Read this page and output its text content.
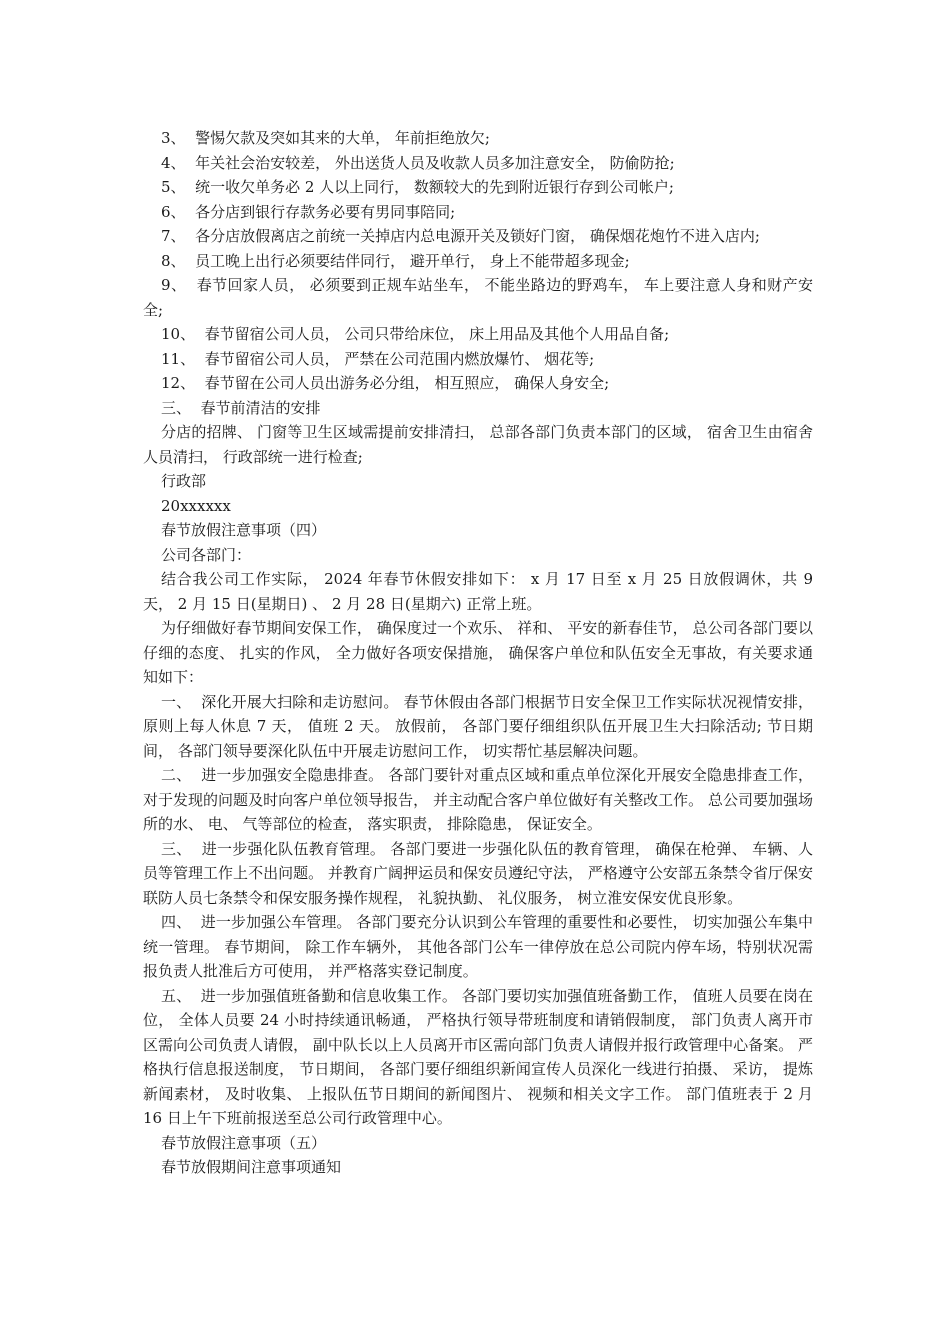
3、  警惕欠款及突如其来的大单， 年前拒绝放欠;

4、  年关社会治安较差， 外出送货人员及收款人员多加注意安全， 防偷防抢;

5、  统一收欠单务必 2 人以上同行， 数额较大的先到附近银行存到公司帐户;

6、  各分店到银行存款务必要有男同事陪同;

7、  各分店放假离店之前统一关掉店内总电源开关及锁好门窗， 确保烟花炮竹不进入店内;

8、  员工晚上出行必须要结伴同行， 避开单行， 身上不能带超多现金;

9、  春节回家人员， 必须要到正规车站坐车， 不能坐路边的野鸡车， 车上要注意人身和财产安全;

10、  春节留宿公司人员， 公司只带给床位， 床上用品及其他个人用品自备;

11、  春节留宿公司人员， 严禁在公司范围内燃放爆竹、 烟花等;

12、  春节留在公司人员出游务必分组， 相互照应， 确保人身安全;

三、  春节前清洁的安排

分店的招牌、 门窗等卫生区域需提前安排清扫， 总部各部门负责本部门的区域， 宿舍卫生由宿舍人员清扫， 行政部统一进行检查;

行政部

20xxxxxx

春节放假注意事项（四）

公司各部门：

结合我公司工作实际， 2024 年春节休假安排如下： x 月 17 日至 x 月 25 日放假调休，共 9 天， 2 月 15 日(星期日) 、 2 月 28 日(星期六) 正常上班。

为仔细做好春节期间安保工作， 确保度过一个欢乐、 祥和、 平安的新春佳节， 总公司各部门要以仔细的态度、 扎实的作风， 全力做好各项安保措施， 确保客户单位和队伍安全无事故，有关要求通知如下：

一、  深化开展大扫除和走访慰问。 春节休假由各部门根据节日安全保卫工作实际状况视情安排， 原则上每人休息 7 天， 值班 2 天。 放假前， 各部门要仔细组织队伍开展卫生大扫除活动; 节日期间， 各部门领导要深化队伍中开展走访慰问工作， 切实帮忙基层解决问题。

二、  进一步加强安全隐患排查。 各部门要针对重点区域和重点单位深化开展安全隐患排查工作， 对于发现的问题及时向客户单位领导报告， 并主动配合客户单位做好有关整改工作。 总公司要加强场所的水、 电、 气等部位的检查， 落实职责， 排除隐患， 保证安全。

三、  进一步强化队伍教育管理。 各部门要进一步强化队伍的教育管理， 确保在枪弹、 车辆、人员等管理工作上不出问题。 并教育广阔押运员和保安员遵纪守法， 严格遵守公安部五条禁令省厅保安联防人员七条禁令和保安服务操作规程， 礼貌执勤、 礼仪服务， 树立淮安保安优良形象。

四、  进一步加强公车管理。 各部门要充分认识到公车管理的重要性和必要性， 切实加强公车集中统一管理。 春节期间， 除工作车辆外， 其他各部门公车一律停放在总公司院内停车场，特别状况需报负责人批准后方可使用， 并严格落实登记制度。

五、  进一步加强值班备勤和信息收集工作。 各部门要切实加强值班备勤工作， 值班人员要在岗在位， 全体人员要 24 小时持续通讯畅通， 严格执行领导带班制度和请销假制度， 部门负责人离开市区需向公司负责人请假， 副中队长以上人员离开市区需向部门负责人请假并报行政管理中心备案。 严格执行信息报送制度， 节日期间， 各部门要仔细组织新闻宣传人员深化一线进行拍摄、 采访， 提炼新闻素材， 及时收集、 上报队伍节日期间的新闻图片、 视频和相关文字工作。 部门值班表于 2 月 16 日上午下班前报送至总公司行政管理中心。

春节放假注意事项（五）

春节放假期间注意事项通知
